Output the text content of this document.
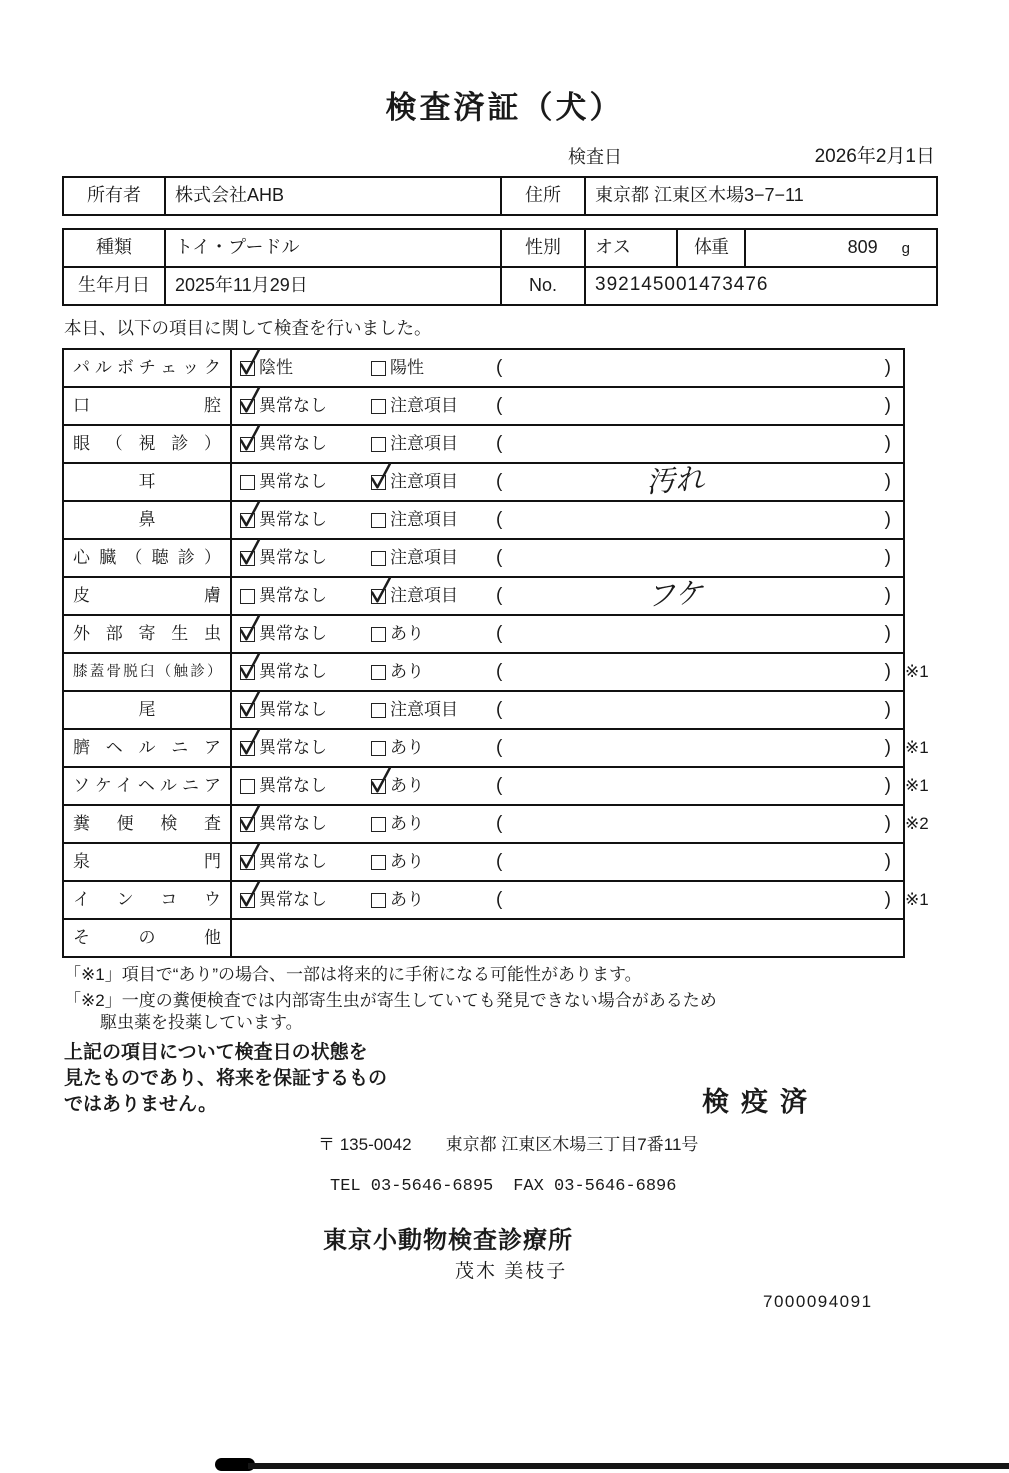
検査済証（犬）
検査日	2026年2月1日
所有者	株式会社AHB	住所	東京都 江東区木場3−7−11
種類	トイ・プードル	性別	オス	体重	809 g
生年月日	2025年11月29日	No.	392145001473476
本日、以下の項目に関して検査を行いました。
パルボチェック	陰性	陽性	(	)
口腔	異常なし	注意項目 (	)
眼（視診）	異常なし	注意項目 (	)
耳	異常なし	注意項目 (	汚れ	)
鼻	異常なし	注意項目 (	)
心臓（聴診）	異常なし	注意項目 (	)
皮膚	異常なし	注意項目 (	フケ	)
外部寄生虫	異常なし	あり	(	)
膝蓋骨脱臼（触診）	異常なし	あり	(	) ※1
尾	異常なし	注意項目 (	)
臍ヘルニア	異常なし	あり	(	) ※1
ソケイヘルニア	異常なし	あり	(	) ※1
糞便検査	異常なし	あり	(	) ※2
泉門	異常なし	あり	(	)
インコウ	異常なし	あり	(	) ※1
その他
「※1」項目で“あり”の場合、一部は将来的に手術になる可能性があります。
「※2」一度の糞便検査では内部寄生虫が寄生していても発見できない場合があるため
駆虫薬を投薬しています。
上記の項目について検査日の状態を
見たものであり、将来を保証するもの
ではありません。	検疫済
〒 135-0042 東京都 江東区木場三丁目7番11号
TEL 03-5646-6895 FAX 03-5646-6896
東京小動物検査診療所
茂木 美枝子
7000094091
